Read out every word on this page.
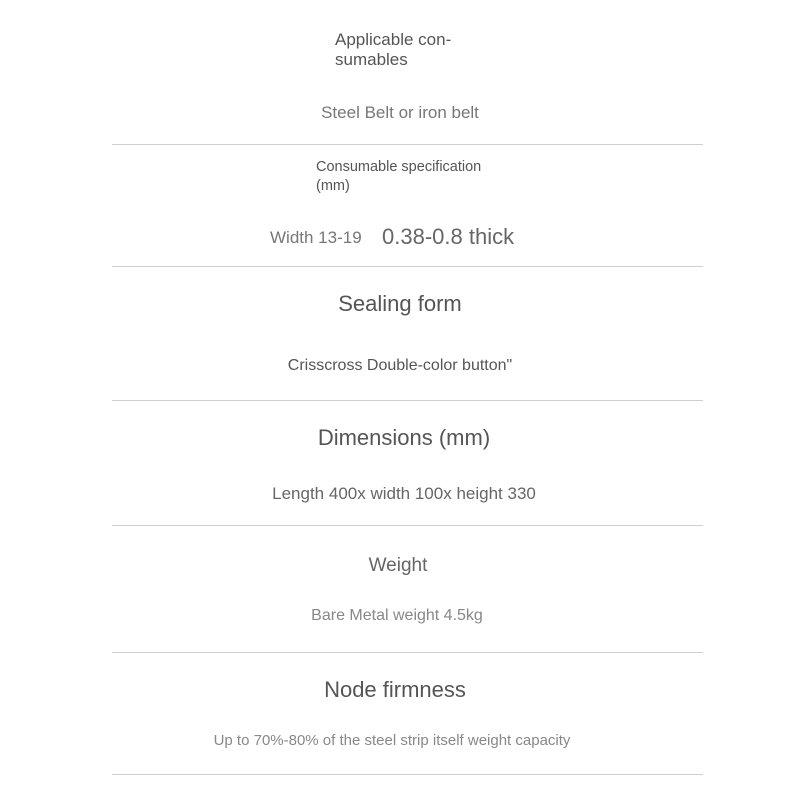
Applicable con- sumables
Steel Belt or iron belt
Consumable specification (mm)
Width 13-19 0.38-0.8 thick
Sealing form
Crisscross Double-color button"
Dimensions (mm)
Length 400x width 100x height 330
Weight
Bare Metal weight 4.5kg
Node firmness
Up to 70%-80% of the steel strip itself weight capacity
